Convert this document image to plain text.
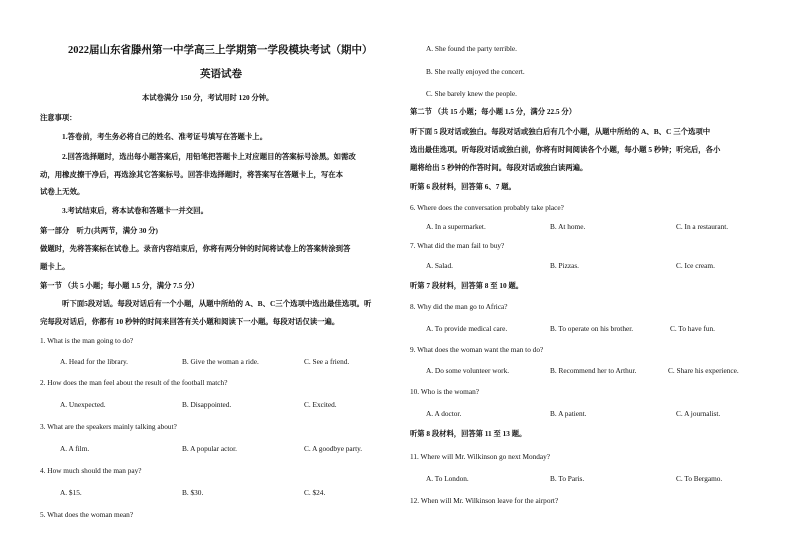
2022届山东省滕州第一中学高三上学期第一学段模块考试（期中）
英语试卷
本试卷满分 150 分，考试用时 120 分钟。
注意事项：
1.答卷前，考生务必将自己的姓名、准考证号填写在答题卡上。
2.回答选择题时，选出每小题答案后，用铅笔把答题卡上对应题目的答案标号涂黑。如需改
动，用橡皮擦干净后，再选涂其它答案标号。回答非选择题时，将答案写在答题卡上，写在本
试卷上无效。
3.考试结束后，将本试卷和答题卡一并交回。
第一部分　听力(共两节，满分 30 分)
做题时，先将答案标在试卷上。录音内容结束后，你将有两分钟的时间将试卷上的答案转涂到答
题卡上。
第一节 （共 5 小题；每小题 1.5 分，满分 7.5 分）
听下面5段对话。每段对话后有一个小题，从题中所给的 A、B、C三个选项中选出最佳选项。听
完每段对话后，你都有 10 秒钟的时间来回答有关小题和阅读下一小题。每段对话仅读一遍。
1. What is the man going to do?
A. Head for the library.	B. Give the woman a ride.	C. See a friend.
2. How does the man feel about the result of the football match?
A. Unexpected.	B. Disappointed.	C. Excited.
3. What are the speakers mainly talking about?
A. A film.	B. A popular actor.	C. A goodbye party.
4. How much should the man pay?
A. $15.	B. $30.	C. $24.
5. What does the woman mean?
A. She found the party terrible.
B. She really enjoyed the concert.
C. She barely knew the people.
第二节 （共 15 小题；每小题 1.5 分，满分 22.5 分）
听下面 5 段对话或独白。每段对话或独白后有几个小题，从题中所给的 A、B、C 三个选项中
选出最佳选项。听每段对话或独白前，你将有时间阅读各个小题，每小题 5 秒钟；听完后，各小
题将给出 5 秒钟的作答时间。每段对话或独白读两遍。
听第 6 段材料，回答第 6、7 题。
6. Where does the conversation probably take place?
A. In a supermarket.	B. At home.	C. In a restaurant.
7. What did the man fail to buy?
A. Salad.	B. Pizzas.	C. Ice cream.
听第 7 段材料，回答第 8 至 10 题。
8. Why did the man go to Africa?
A. To provide medical care.	B. To operate on his brother.	C. To have fun.
9. What does the woman want the man to do?
A. Do some volunteer work.	B. Recommend her to Arthur.	C. Share his experience.
10. Who is the woman?
A. A doctor.	B. A patient.	C. A journalist.
听第 8 段材料，回答第 11 至 13 题。
11. Where will Mr. Wilkinson go next Monday?
A. To London.	B. To Paris.	C. To Bergamo.
12. When will Mr. Wilkinson leave for the airport?
